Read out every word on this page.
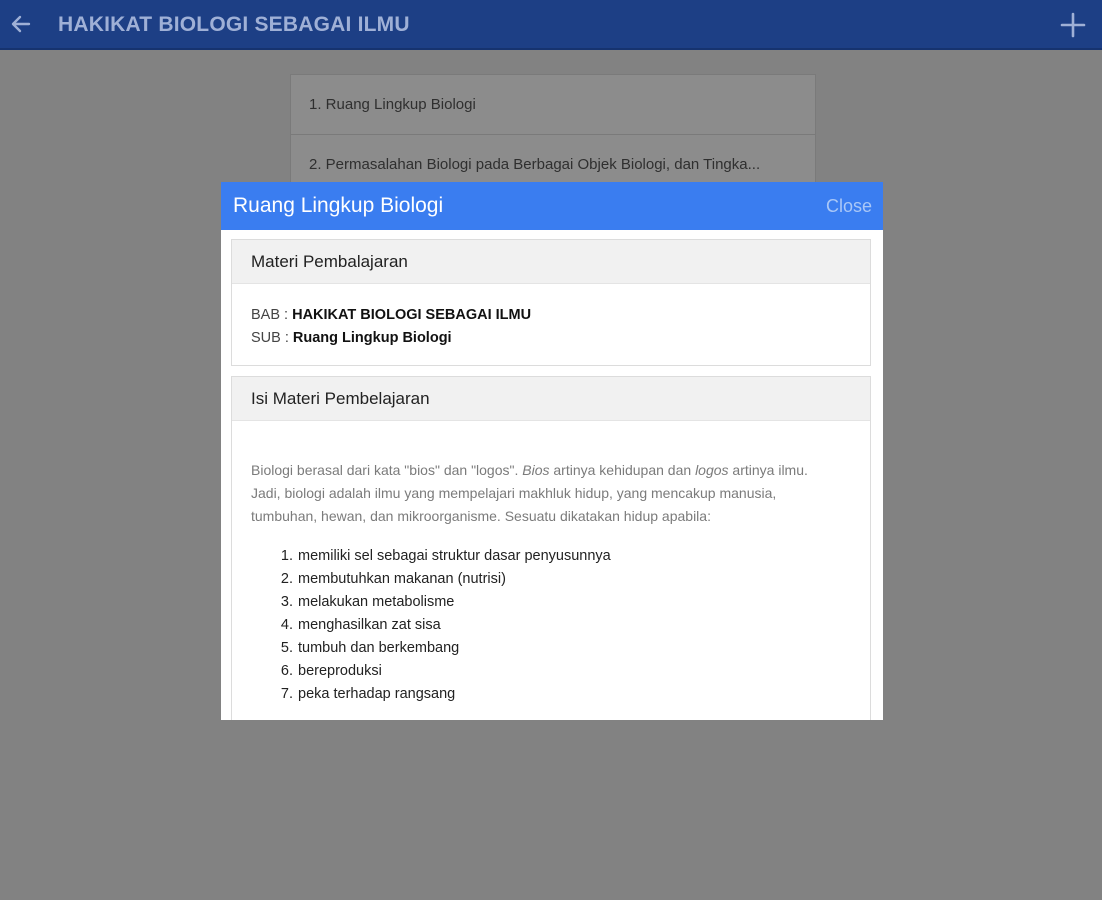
HAKIKAT BIOLOGI SEBAGAI ILMU
1. Ruang Lingkup Biologi
2. Permasalahan Biologi pada Berbagai Objek Biologi, dan Tingka...
Ruang Lingkup Biologi	Close
Materi Pembalajaran
BAB : HAKIKAT BIOLOGI SEBAGAI ILMU
SUB : Ruang Lingkup Biologi
Isi Materi Pembelajaran
Biologi berasal dari kata "bios" dan "logos". Bios artinya kehidupan dan logos artinya ilmu. Jadi, biologi adalah ilmu yang mempelajari makhluk hidup, yang mencakup manusia, tumbuhan, hewan, dan mikroorganisme. Sesuatu dikatakan hidup apabila:
1. memiliki sel sebagai struktur dasar penyusunnya
2. membutuhkan makanan (nutrisi)
3. melakukan metabolisme
4. menghasilkan zat sisa
5. tumbuh dan berkembang
6. bereproduksi
7. peka terhadap rangsang
